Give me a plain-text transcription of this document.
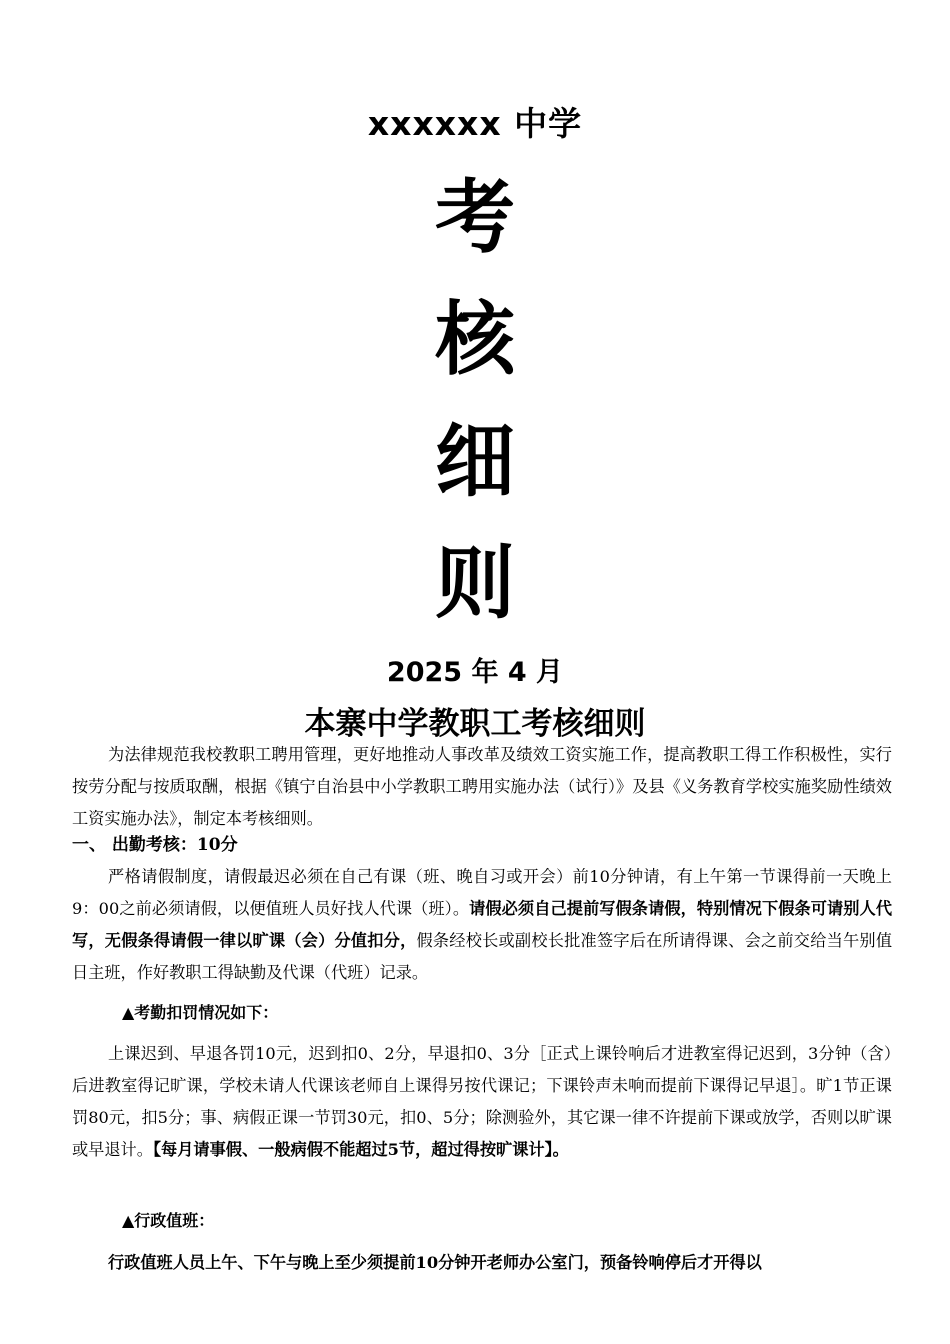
xxxxxx 中学
考
核
细
则
2025 年 4 月
本寨中学教职工考核细则

为法律规范我校教职工聘用管理，更好地推动人事改革及绩效工资实施工作，提高教职工得工作积极性，实行按劳分配与按质取酬，根据《镇宁自治县中小学教职工聘用实施办法（试行）》及县《义务教育学校实施奖励性绩效工资实施办法》，制定本考核细则。

一、 出勤考核：10分

严格请假制度，请假最迟必须在自己有课（班、晚自习或开会）前10分钟请，有上午第一节课得前一天晚上9：00之前必须请假，以便值班人员好找人代课（班）。请假必须自己提前写假条请假，特别情况下假条可请别人代写，无假条得请假一律以旷课（会）分值扣分，假条经校长或副校长批准签字后在所请得课、会之前交给当午别值日主班，作好教职工得缺勤及代课（代班）记录。

▲考勤扣罚情况如下：

上课迟到、早退各罚10元，迟到扣0、2分，早退扣0、3分［正式上课铃响后才进教室得记迟到，3分钟（含）后进教室得记旷课，学校未请人代课该老师自上课得另按代课记；下课铃声未响而提前下课得记早退］。旷1节正课罚80元，扣5分；事、病假正课一节罚30元，扣0、5分；除测验外，其它课一律不许提前下课或放学，否则以旷课或早退计。【每月请事假、一般病假不能超过5节，超过得按旷课计】。

▲行政值班：

行政值班人员上午、下午与晚上至少须提前10分钟开老师办公室门，预备铃响停后才开得以
